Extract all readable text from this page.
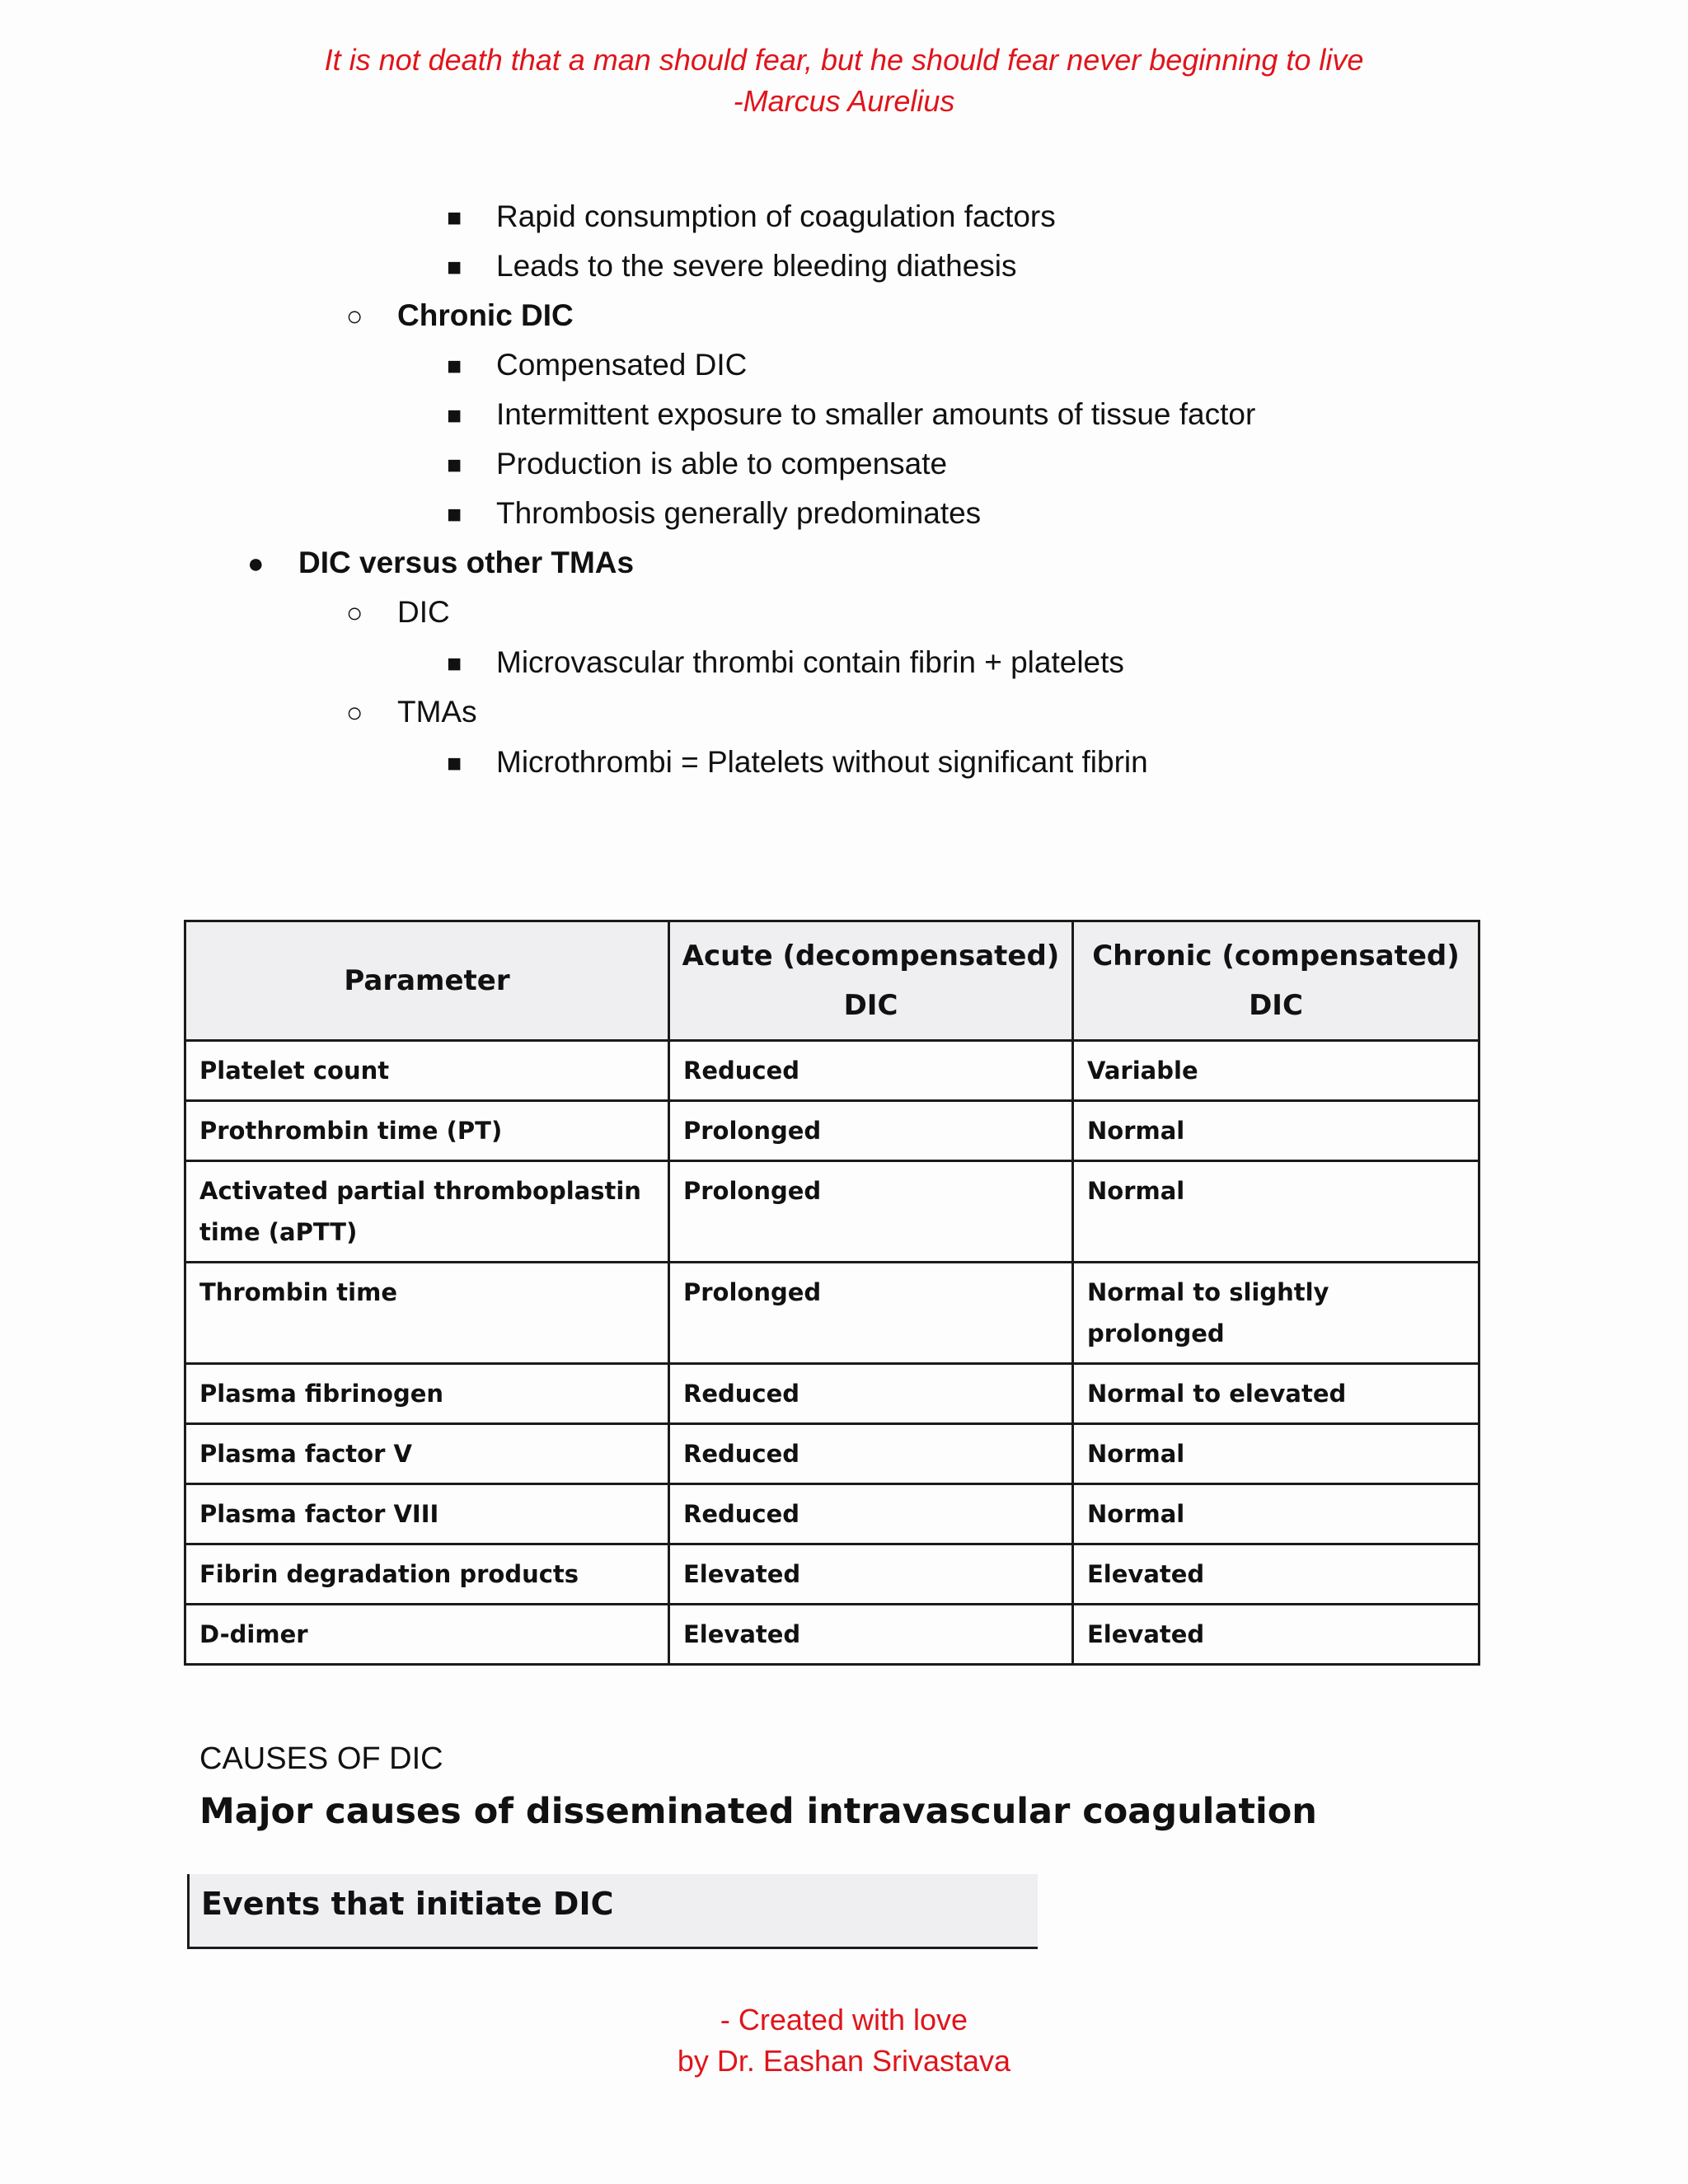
It is not death that a man should fear, but he should fear never beginning to live
-Marcus Aurelius
■ Rapid consumption of coagulation factors
■ Leads to the severe bleeding diathesis
○ Chronic DIC
■ Compensated DIC
■ Intermittent exposure to smaller amounts of tissue factor
■ Production is able to compensate
■ Thrombosis generally predominates
● DIC versus other TMAs
○ DIC
■ Microvascular thrombi contain fibrin + platelets
○ TMAs
■ Microthrombi = Platelets without significant fibrin
Parameter	Acute (decompensated) DIC	Chronic (compensated) DIC
Platelet count	Reduced	Variable
Prothrombin time (PT)	Prolonged	Normal
Activated partial thromboplastin time (aPTT)	Prolonged	Normal
Thrombin time	Prolonged	Normal to slightly prolonged
Plasma fibrinogen	Reduced	Normal to elevated
Plasma factor V	Reduced	Normal
Plasma factor VIII	Reduced	Normal
Fibrin degradation products	Elevated	Elevated
D-dimer	Elevated	Elevated
CAUSES OF DIC
Major causes of disseminated intravascular coagulation
Events that initiate DIC
- Created with love
by Dr. Eashan Srivastava
